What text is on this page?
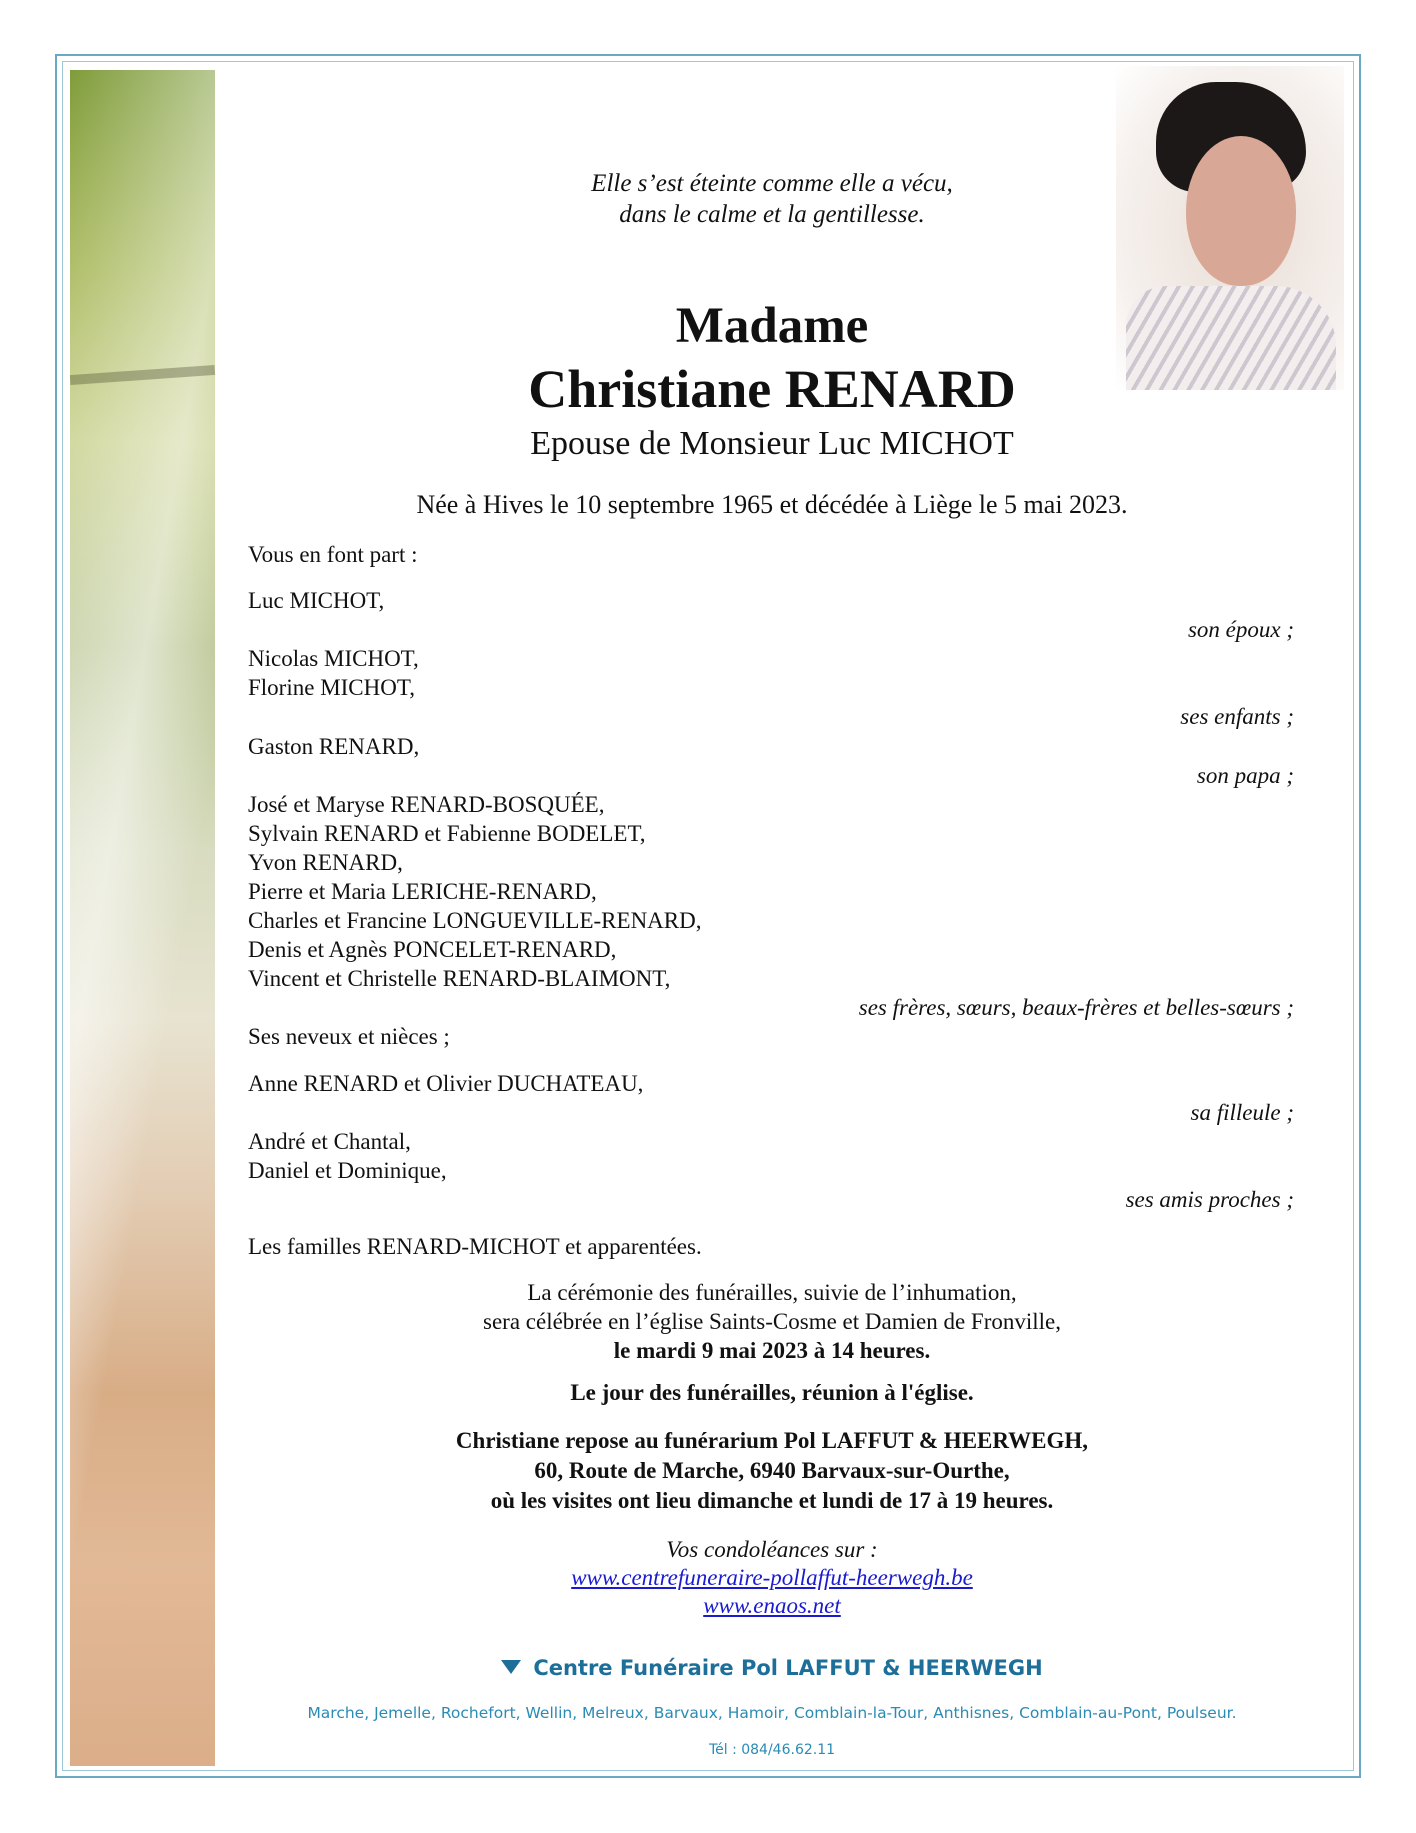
Elle s’est éteinte comme elle a vécu,
dans le calme et la gentillesse.
Madame
Christiane RENARD
Epouse de Monsieur Luc MICHOT
Née à Hives le 10 septembre 1965 et décédée à Liège le 5 mai 2023.
Vous en font part :
Luc MICHOT,
son époux ;
Nicolas MICHOT,
Florine MICHOT,
ses enfants ;
Gaston RENARD,
son papa ;
José et Maryse RENARD-BOSQUÉE,
Sylvain RENARD et Fabienne BODELET,
Yvon RENARD,
Pierre et Maria LERICHE-RENARD,
Charles et Francine LONGUEVILLE-RENARD,
Denis et Agnès PONCELET-RENARD,
Vincent et Christelle RENARD-BLAIMONT,
ses frères, sœurs, beaux-frères et belles-sœurs ;
Ses neveux et nièces ;
Anne RENARD et Olivier DUCHATEAU,
sa filleule ;
André et Chantal,
Daniel et Dominique,
ses amis proches ;
Les familles RENARD-MICHOT et apparentées.
La cérémonie des funérailles, suivie de l’inhumation,
sera célébrée en l’église Saints-Cosme et Damien de Fronville,
le mardi 9 mai 2023 à 14 heures.
Le jour des funérailles, réunion à l'église.
Christiane repose au funérarium Pol LAFFUT & HEERWEGH,
60, Route de Marche, 6940 Barvaux-sur-Ourthe,
où les visites ont lieu dimanche et lundi de 17 à 19 heures.
Vos condoléances sur :
www.centrefuneraire-pollaffut-heerwegh.be
www.enaos.net
Centre Funéraire Pol LAFFUT & HEERWEGH
Marche, Jemelle, Rochefort, Wellin, Melreux, Barvaux, Hamoir, Comblain-la-Tour, Anthisnes, Comblain-au-Pont, Poulseur.
Tél : 084/46.62.11
